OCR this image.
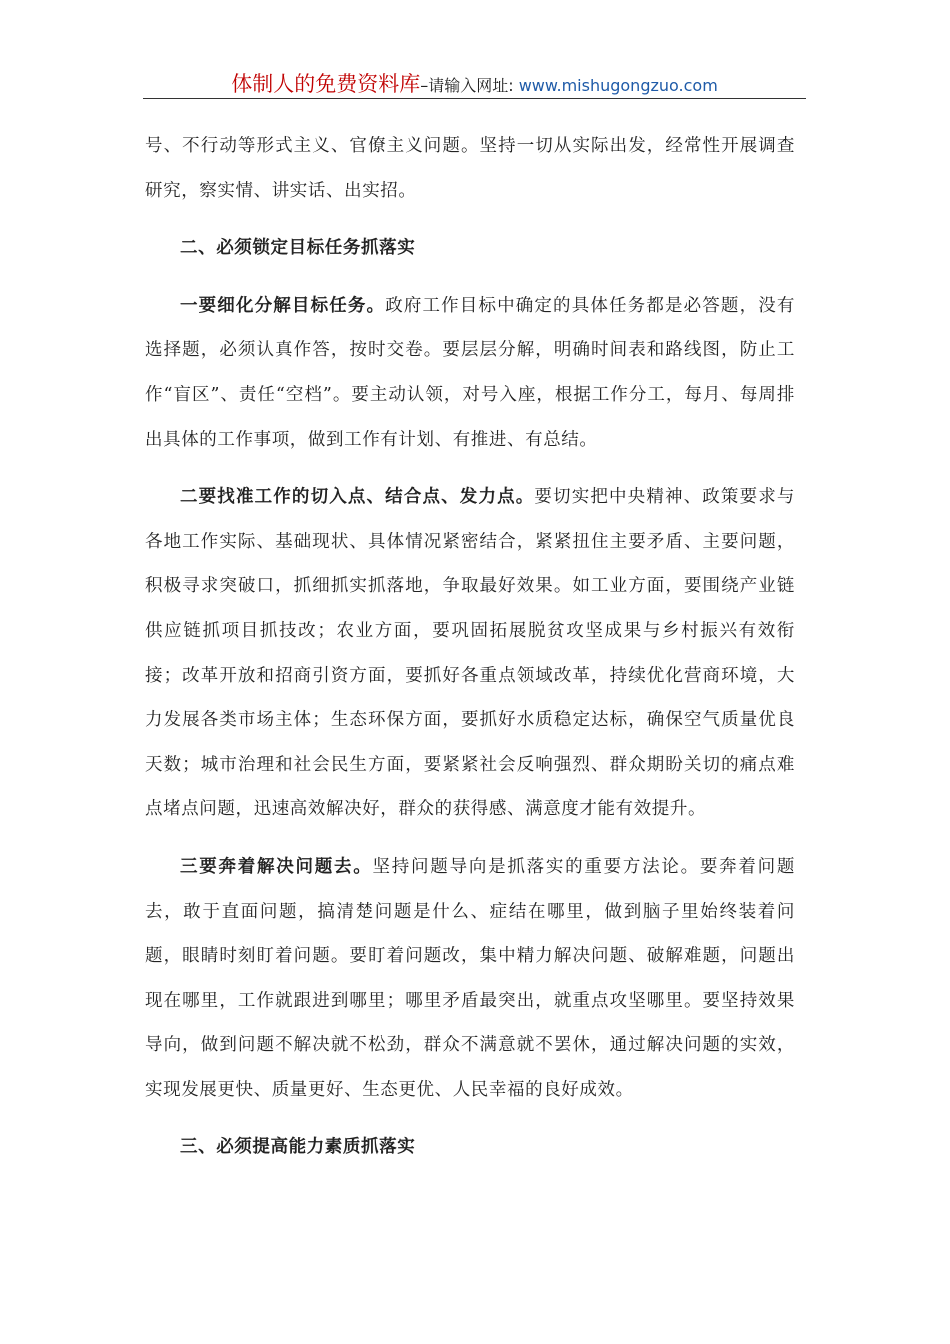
体制人的免费资料库–请输入网址: www.mishugongzuo.com

号、不行动等形式主义、官僚主义问题。坚持一切从实际出发，经常性开展调查研究，察实情、讲实话、出实招。

二、必须锁定目标任务抓落实

一要细化分解目标任务。政府工作目标中确定的具体任务都是必答题，没有选择题，必须认真作答，按时交卷。要层层分解，明确时间表和路线图，防止工作“盲区”、责任“空档”。要主动认领，对号入座，根据工作分工，每月、每周排出具体的工作事项，做到工作有计划、有推进、有总结。

二要找准工作的切入点、结合点、发力点。要切实把中央精神、政策要求与各地工作实际、基础现状、具体情况紧密结合，紧紧扭住主要矛盾、主要问题，积极寻求突破口，抓细抓实抓落地，争取最好效果。如工业方面，要围绕产业链供应链抓项目抓技改；农业方面，要巩固拓展脱贫攻坚成果与乡村振兴有效衔接；改革开放和招商引资方面，要抓好各重点领域改革，持续优化营商环境，大力发展各类市场主体；生态环保方面，要抓好水质稳定达标，确保空气质量优良天数；城市治理和社会民生方面，要紧紧社会反响强烈、群众期盼关切的痛点难点堵点问题，迅速高效解决好，群众的获得感、满意度才能有效提升。

三要奔着解决问题去。坚持问题导向是抓落实的重要方法论。要奔着问题去，敢于直面问题，搞清楚问题是什么、症结在哪里，做到脑子里始终装着问题，眼睛时刻盯着问题。要盯着问题改，集中精力解决问题、破解难题，问题出现在哪里，工作就跟进到哪里；哪里矛盾最突出，就重点攻坚哪里。要坚持效果导向，做到问题不解决就不松劲，群众不满意就不罢休，通过解决问题的实效，实现发展更快、质量更好、生态更优、人民幸福的良好成效。

三、必须提高能力素质抓落实
